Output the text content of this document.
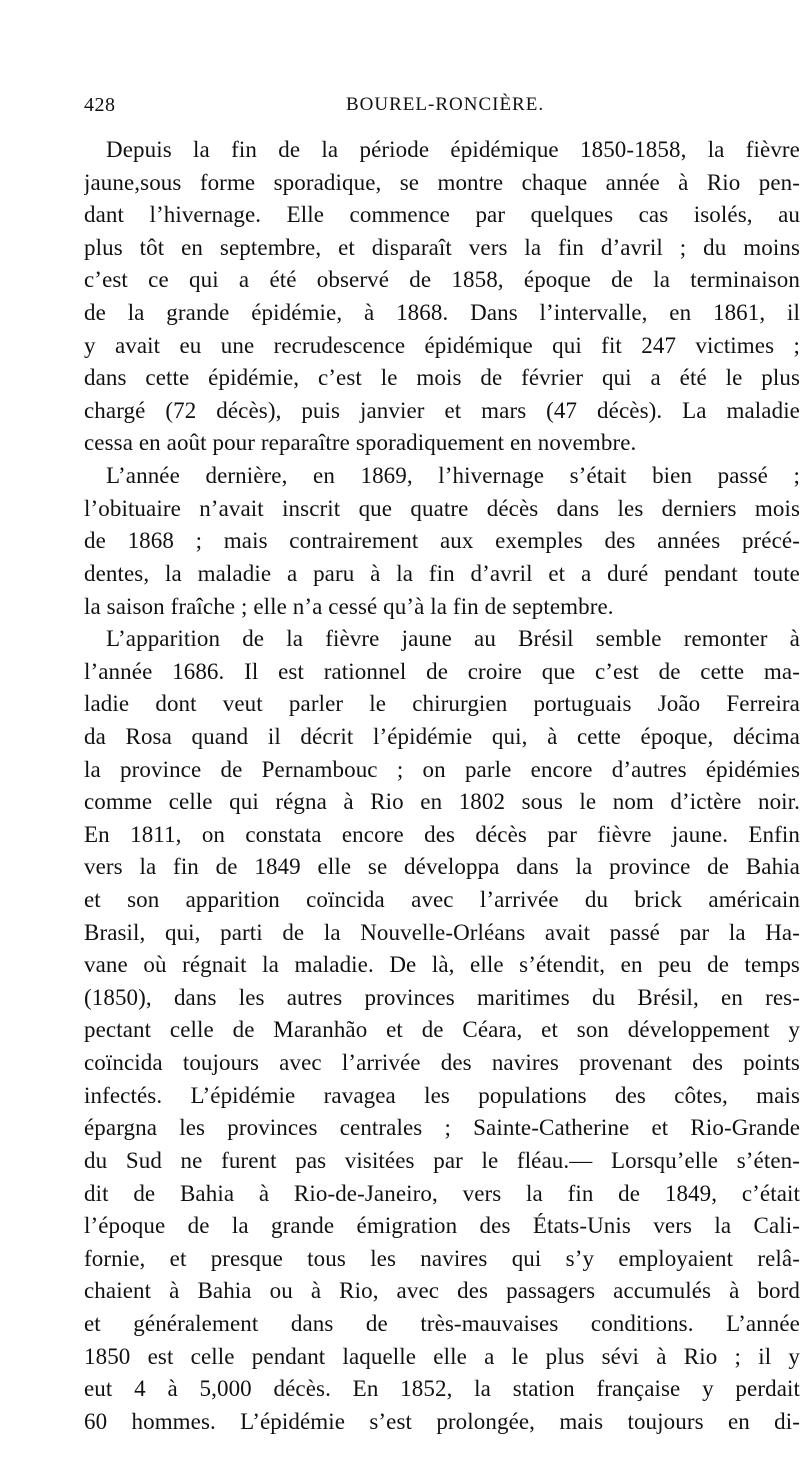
428	BOUREL-RONCIÈRE.
Depuis la fin de la période épidémique 1850-1858, la fièvre
jaune,sous forme sporadique, se montre chaque année à Rio pen-
dant l’hivernage. Elle commence par quelques cas isolés, au
plus tôt en septembre, et disparaît vers la fin d’avril ; du moins
c’est ce qui a été observé de 1858, époque de la terminaison
de la grande épidémie, à 1868. Dans l’intervalle, en 1861, il
y avait eu une recrudescence épidémique qui fit 247 victimes ;
dans cette épidémie, c’est le mois de février qui a été le plus
chargé (72 décès), puis janvier et mars (47 décès). La maladie
cessa en août pour reparaître sporadiquement en novembre.
L’année dernière, en 1869, l’hivernage s’était bien passé ;
l’obituaire n’avait inscrit que quatre décès dans les derniers mois
de 1868 ; mais contrairement aux exemples des années précé-
dentes, la maladie a paru à la fin d’avril et a duré pendant toute
la saison fraîche ; elle n’a cessé qu’à la fin de septembre.
L’apparition de la fièvre jaune au Brésil semble remonter à
l’année 1686. Il est rationnel de croire que c’est de cette ma-
ladie dont veut parler le chirurgien portuguais João Ferreira
da Rosa quand il décrit l’épidémie qui, à cette époque, décima
la province de Pernambouc ; on parle encore d’autres épidémies
comme celle qui régna à Rio en 1802 sous le nom d’ictère noir.
En 1811, on constata encore des décès par fièvre jaune. Enfin
vers la fin de 1849 elle se développa dans la province de Bahia
et son apparition coïncida avec l’arrivée du brick américain
Brasil, qui, parti de la Nouvelle-Orléans avait passé par la Ha-
vane où régnait la maladie. De là, elle s’étendit, en peu de temps
(1850), dans les autres provinces maritimes du Brésil, en res-
pectant celle de Maranhão et de Céara, et son développement y
coïncida toujours avec l’arrivée des navires provenant des points
infectés. L’épidémie ravagea les populations des côtes, mais
épargna les provinces centrales ; Sainte-Catherine et Rio-Grande
du Sud ne furent pas visitées par le fléau.— Lorsqu’elle s’éten-
dit de Bahia à Rio-de-Janeiro, vers la fin de 1849, c’était
l’époque de la grande émigration des États-Unis vers la Cali-
fornie, et presque tous les navires qui s’y employaient relâ-
chaient à Bahia ou à Rio, avec des passagers accumulés à bord
et généralement dans de très-mauvaises conditions. L’année
1850 est celle pendant laquelle elle a le plus sévi à Rio ; il y
eut 4 à 5,000 décès. En 1852, la station française y perdait
60 hommes. L’épidémie s’est prolongée, mais toujours en di-
